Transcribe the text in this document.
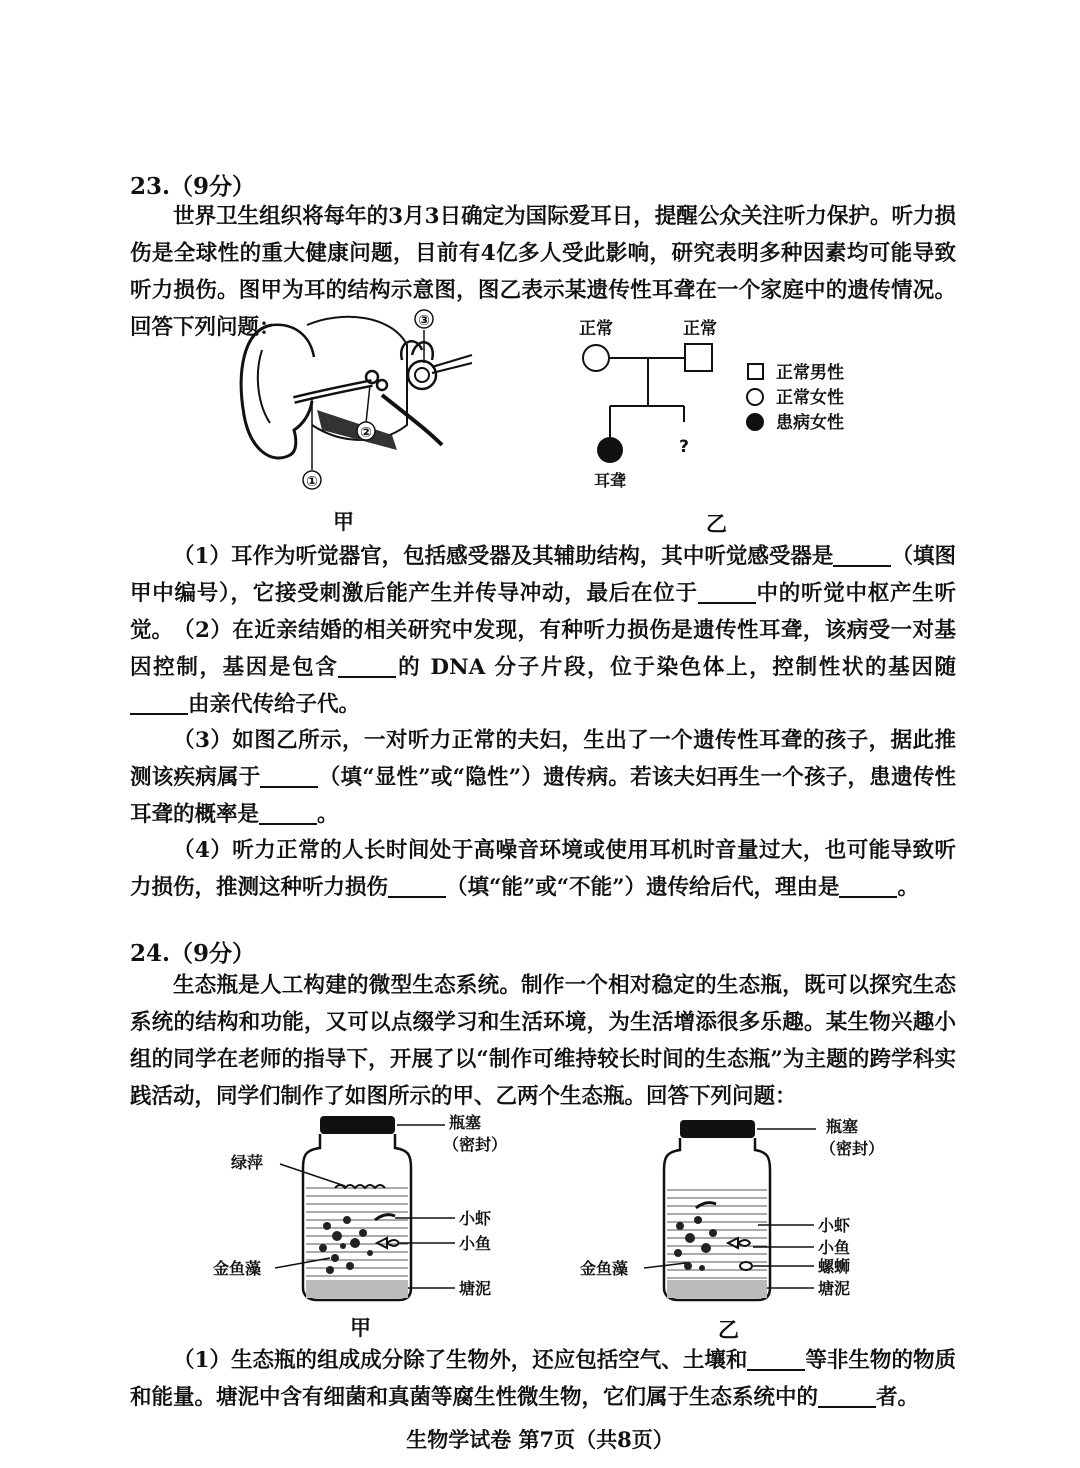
23.（9分）

世界卫生组织将每年的3月3日确定为国际爱耳日，提醒公众关注听力保护。听力损伤是全球性的重大健康问题，目前有4亿多人受此影响，研究表明多种因素均可能导致听力损伤。图甲为耳的结构示意图，图乙表示某遗传性耳聋在一个家庭中的遗传情况。回答下列问题：

①
②
③
甲
正常	正常
?
耳聋
正常男性
正常女性
患病女性
乙

（1）耳作为听觉器官，包括感受器及其辅助结构，其中听觉感受器是	（填图甲中编号），它接受刺激后能产生并传导冲动，最后在位于	中的听觉中枢产生听觉。 （2）在近亲结婚的相关研究中发现，有种听力损伤是遗传性耳聋，该病受一对基因控制，基因是包含	的 DNA 分子片段，位于染色体上，控制性状的基因随由亲代传给子代。

（3）如图乙所示，一对听力正常的夫妇，生出了一个遗传性耳聋的孩子，据此推测该疾病属于	（填“显性”或“隐性”）遗传病。若该夫妇再生一个孩子，患遗传性耳聋的概率是	。

（4）听力正常的人长时间处于高噪音环境或使用耳机时音量过大，也可能导致听力损伤，推测这种听力损伤	（填“能”或“不能”）遗传给后代，理由是	。

24.（9分）

生态瓶是人工构建的微型生态系统。制作一个相对稳定的生态瓶，既可以探究生态系统的结构和功能，又可以点缀学习和生活环境，为生活增添很多乐趣。某生物兴趣小组的同学在老师的指导下，开展了以“制作可维持较长时间的生态瓶”为主题的跨学科实践活动，同学们制作了如图所示的甲、乙两个生态瓶。回答下列问题：

瓶塞
（密封）
绿萍
小虾
小鱼
塘泥
金鱼藻
甲
瓶塞
（密封）
小虾
小鱼
螺蛳
塘泥
金鱼藻
乙

（1）生态瓶的组成成分除了生物外，还应包括空气、土壤和	等非生物的物质和能量。塘泥中含有细菌和真菌等腐生性微生物，它们属于生态系统中的	者。

生物学试卷 第7页（共8页）
